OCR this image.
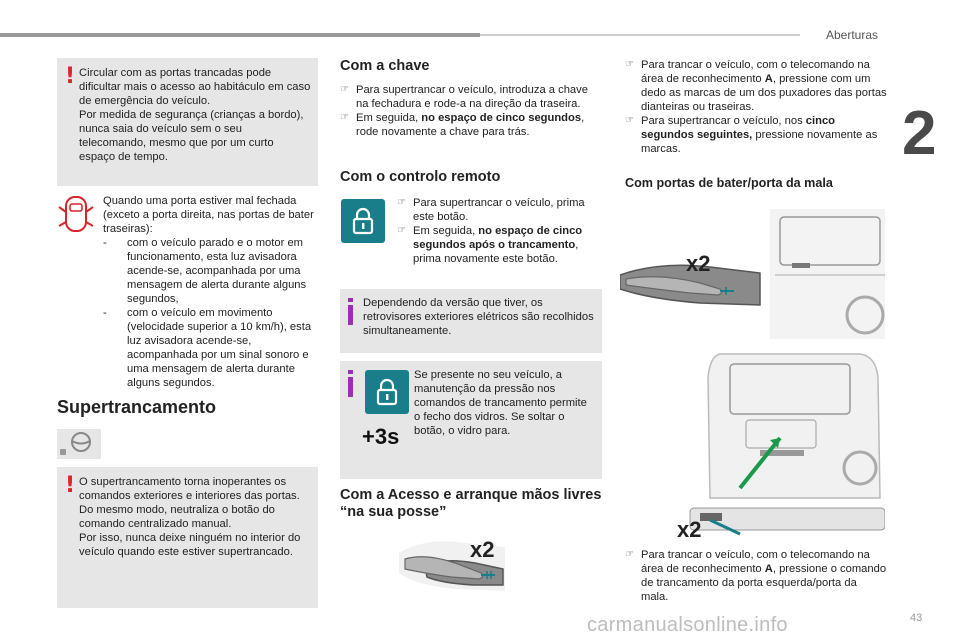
Aberturas
2
43
carmanualsonline.info
! Circular com as portas trancadas pode dificultar mais o acesso ao habitáculo em caso de emergência do veículo.
Por medida de segurança (crianças a bordo), nunca saia do veículo sem o seu telecomando, mesmo que por um curto espaço de tempo.

Quando uma porta estiver mal fechada (exceto a porta direita, nas portas de bater traseiras):

- com o veículo parado e o motor em funcionamento, esta luz avisadora acende-se, acompanhada por uma mensagem de alerta durante alguns segundos,
- com o veículo em movimento (velocidade superior a 10 km/h), esta luz avisadora acende-se, acompanhada por um sinal sonoro e uma mensagem de alerta durante alguns segundos.
Supertrancamento
! O supertrancamento torna inoperantes os comandos exteriores e interiores das portas.
Do mesmo modo, neutraliza o botão do comando centralizado manual.
Por isso, nunca deixe ninguém no interior do veículo quando este estiver supertrancado.
Com a chave
☞ Para supertrancar o veículo, introduza a chave na fechadura e rode-a na direção da traseira.
☞ Em seguida, no espaço de cinco segundos, rode novamente a chave para trás.
Com o controlo remoto
☞ Para supertrancar o veículo, prima este botão.
☞ Em seguida, no espaço de cinco segundos após o trancamento, prima novamente este botão.
Dependendo da versão que tiver, os retrovisores exteriores elétricos são recolhidos simultaneamente.
+3s
Se presente no seu veículo, a manutenção da pressão nos comandos de trancamento permite o fecho dos vidros. Se soltar o botão, o vidro para.
Com a Acesso e arranque mãos livres “na sua posse”
x2
☞ Para trancar o veículo, com o telecomando na área de reconhecimento A, pressione com um dedo as marcas de um dos puxadores das portas dianteiras ou traseiras.
☞ Para supertrancar o veículo, nos cinco segundos seguintes, pressione novamente as marcas.
Com portas de bater/porta da mala
x2
x2
☞ Para trancar o veículo, com o telecomando na área de reconhecimento A, pressione o comando de trancamento da porta esquerda/porta da mala.
